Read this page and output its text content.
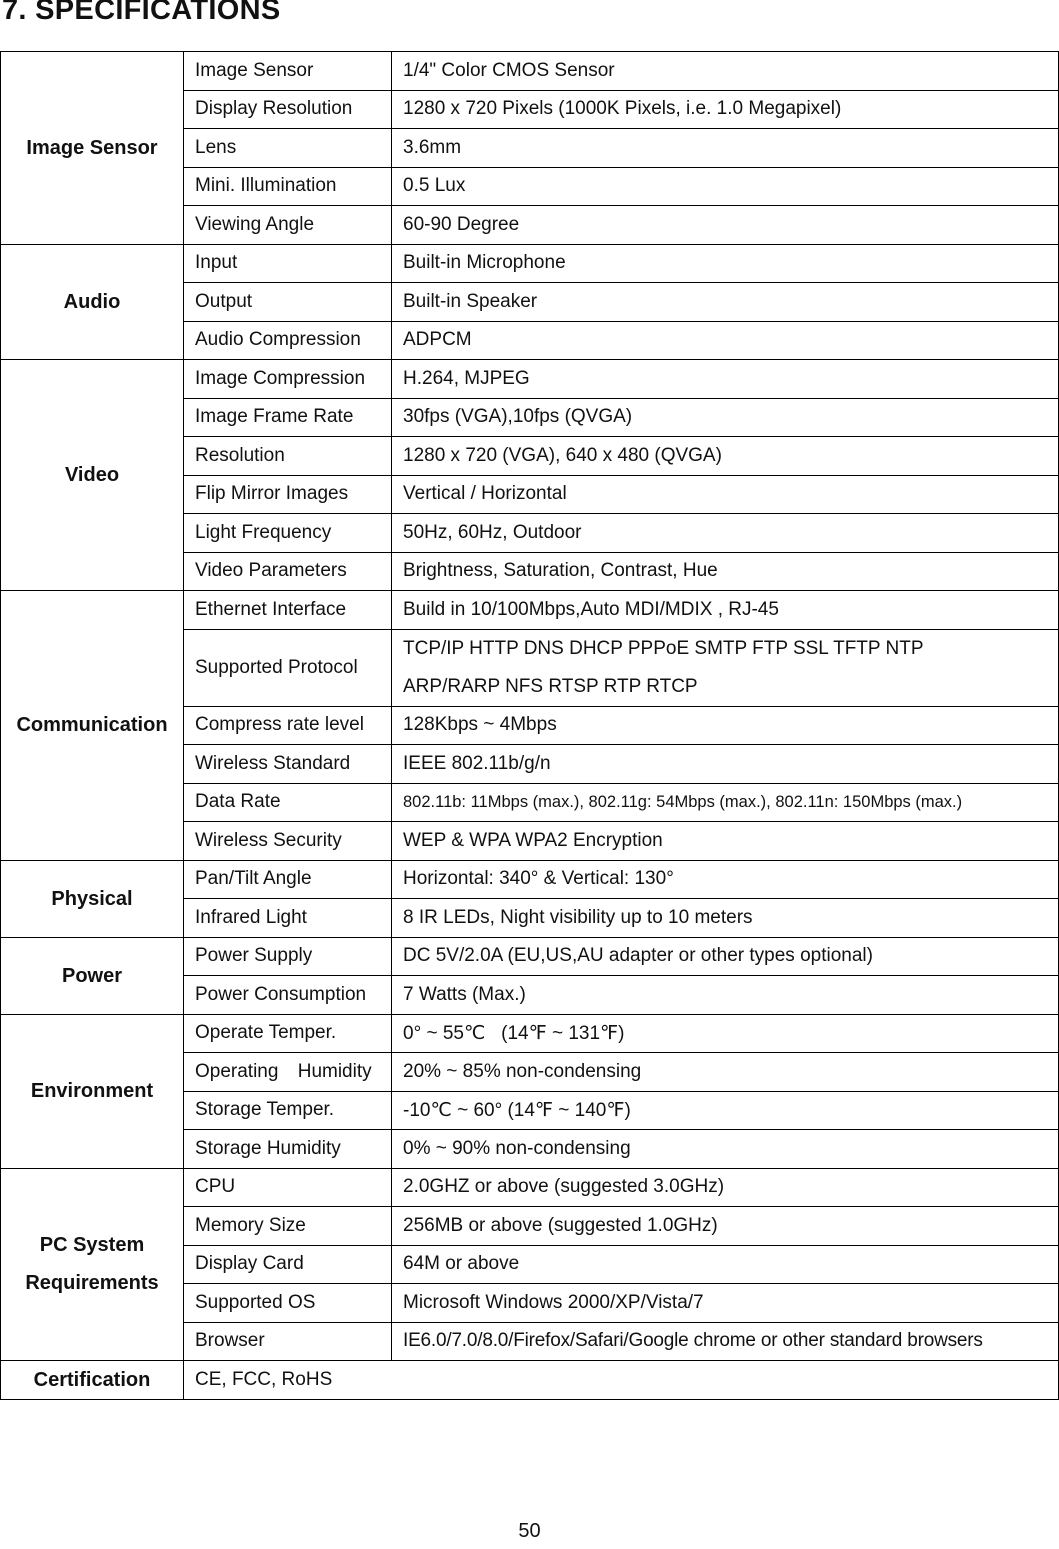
7. SPECIFICATIONS
Image Sensor	Image Sensor	1/4" Color CMOS Sensor
	Display Resolution	1280 x 720 Pixels (1000K Pixels, i.e. 1.0 Megapixel)
	Lens	3.6mm
	Mini. Illumination	0.5 Lux
	Viewing Angle	60-90 Degree
Audio	Input	Built-in Microphone
	Output	Built-in Speaker
	Audio Compression	ADPCM
Video	Image Compression	H.264, MJPEG
	Image Frame Rate	30fps (VGA),10fps (QVGA)
	Resolution	1280 x 720 (VGA), 640 x 480 (QVGA)
	Flip Mirror Images	Vertical / Horizontal
	Light Frequency	50Hz, 60Hz, Outdoor
	Video Parameters	Brightness, Saturation, Contrast, Hue
Communication	Ethernet Interface	Build in 10/100Mbps,Auto MDI/MDIX , RJ-45
	Supported Protocol	TCP/IP HTTP DNS DHCP PPPoE SMTP FTP SSL TFTP NTP
ARP/RARP NFS RTSP RTP RTCP

	Compress rate level	128Kbps ~ 4Mbps
	Wireless Standard	IEEE 802.11b/g/n
	Data Rate	802.11b: 11Mbps (max.), 802.11g: 54Mbps (max.), 802.11n: 150Mbps (max.)
	Wireless Security	WEP & WPA WPA2 Encryption
Physical	Pan/Tilt Angle	Horizontal: 340° & Vertical: 130°
	Infrared Light	8 IR LEDs, Night visibility up to 10 meters
Power	Power Supply	DC 5V/2.0A (EU,US,AU adapter or other types optional)
	Power Consumption	7 Watts (Max.)
Environment	Operate Temper.	0° ~ 55℃   (14℉ ~ 131℉)
	Operating Humidity	20% ~ 85% non-condensing
	Storage Temper.	-10℃ ~ 60° (14℉ ~ 140℉)
	Storage Humidity	0% ~ 90% non-condensing

PC System
Requirements	CPU	2.0GHZ or above (suggested 3.0GHz)
	Memory Size	256MB or above (suggested 1.0GHz)
	Display Card	64M or above
	Supported OS	Microsoft Windows 2000/XP/Vista/7
	Browser	IE6.0/7.0/8.0/Firefox/Safari/Google chrome or other standard browsers
Certification	CE, FCC, RoHS	
50
